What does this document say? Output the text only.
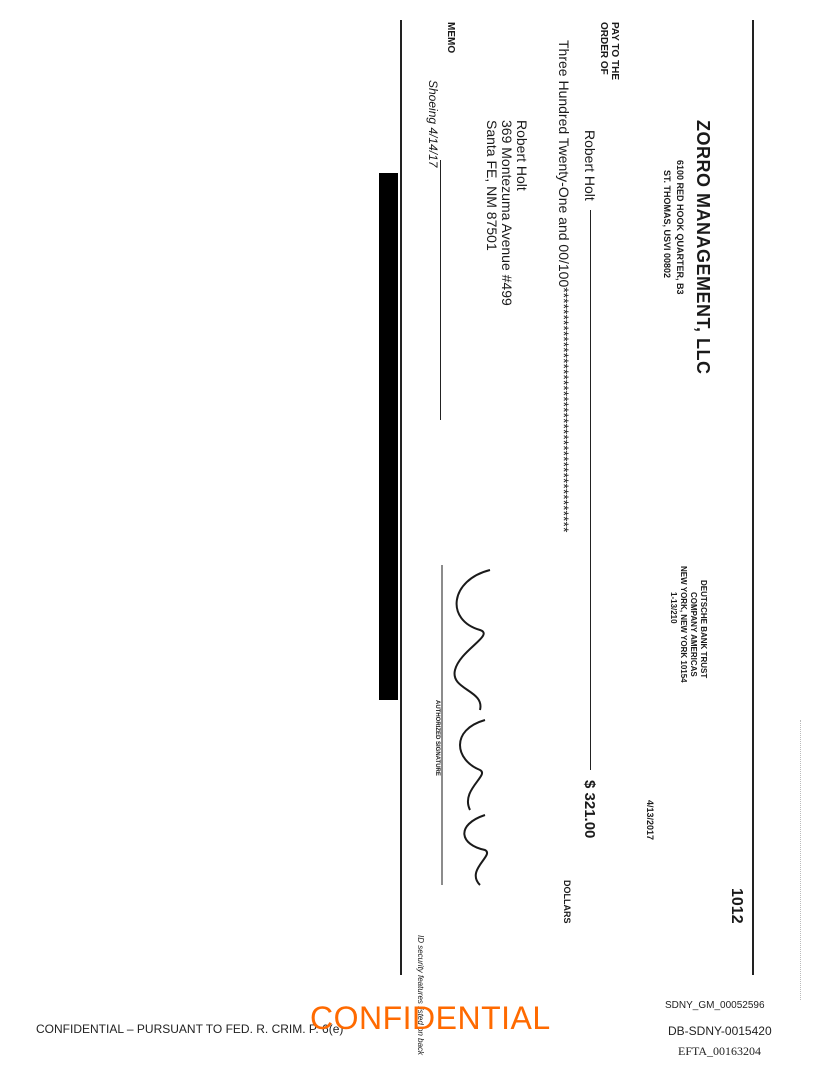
ZORRO MANAGEMENT, LLC
6100 RED HOOK QUARTER, B3
ST. THOMAS, USVI 00802
DEUTSCHE BANK TRUST
COMPANY AMERICAS
NEW YORK, NEW YORK 10154
1-13/210
1012
4/13/2017
PAY TO THE
ORDER OF
Robert Holt
$ 321.00
Three Hundred Twenty-One and 00/100*********************************************
DOLLARS
Robert Holt
369 Montezuma Avenue #499
Santa FE, NM 87501
MEMO
Shoeing 4/14/17
AUTHORIZED SIGNATURE
ID security features listed on back	SDNY_GM_00052596
CONFIDENTIAL – PURSUANT TO FED. R. CRIM. P. 6(e)
CONFIDENTIAL	DB-SDNY-0015420
EFTA_00163204
